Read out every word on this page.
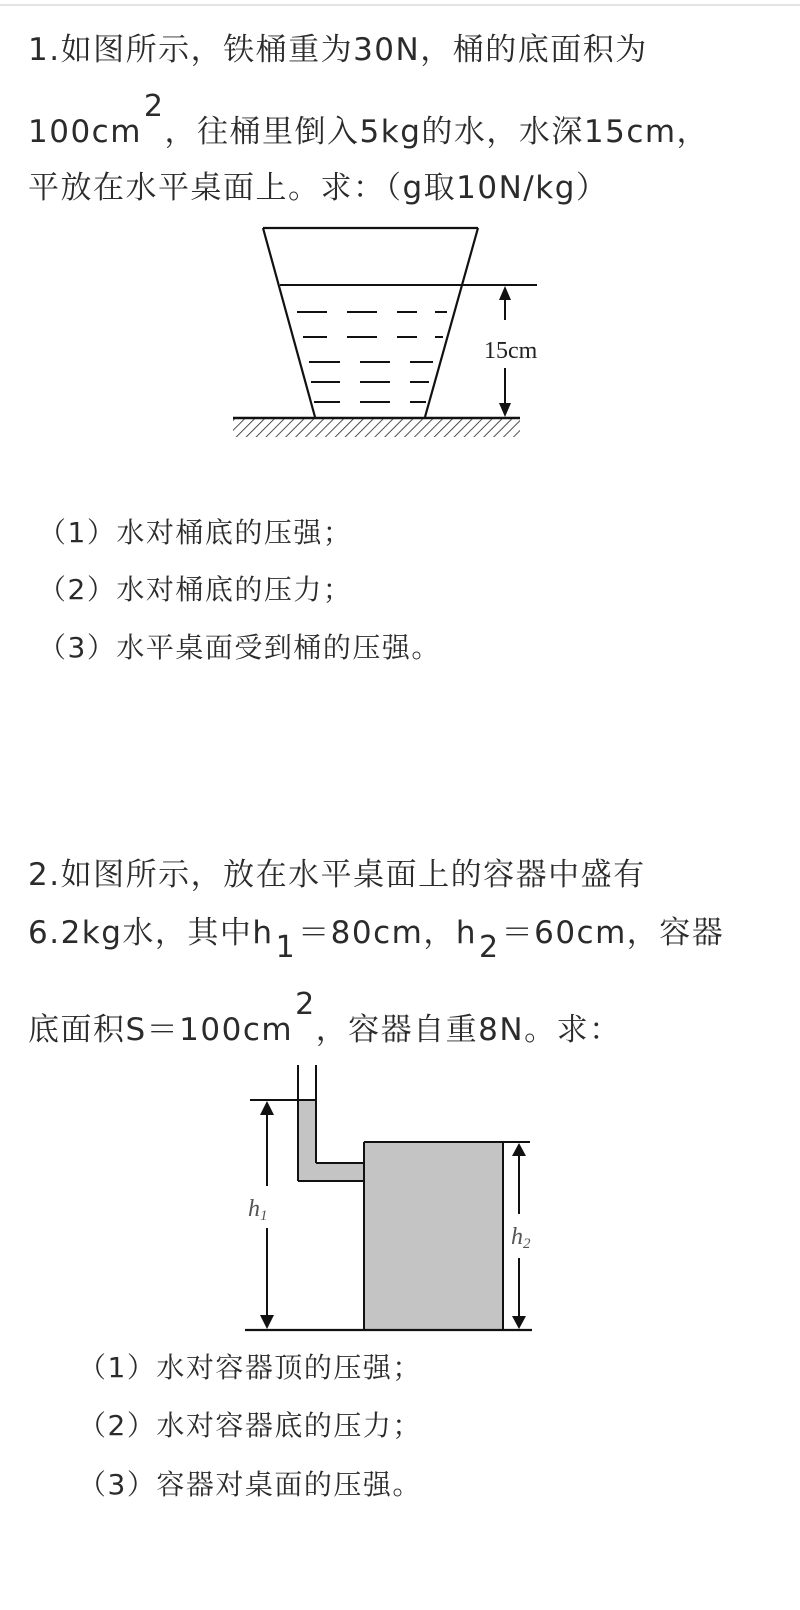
1.如图所示，铁桶重为30N，桶的底面积为
100cm2，往桶里倒入5kg的水，水深15cm，
平放在水平桌面上。求：（g取10N/kg）
15cm
（1）水对桶底的压强；
（2）水对桶底的压力；
（3）水平桌面受到桶的压强。
2.如图所示，放在水平桌面上的容器中盛有
6.2kg水，其中h1＝80cm，h2＝60cm，容器
底面积S＝100cm2，容器自重8N。求：
h1
h2
（1）水对容器顶的压强；
（2）水对容器底的压力；
（3）容器对桌面的压强。
